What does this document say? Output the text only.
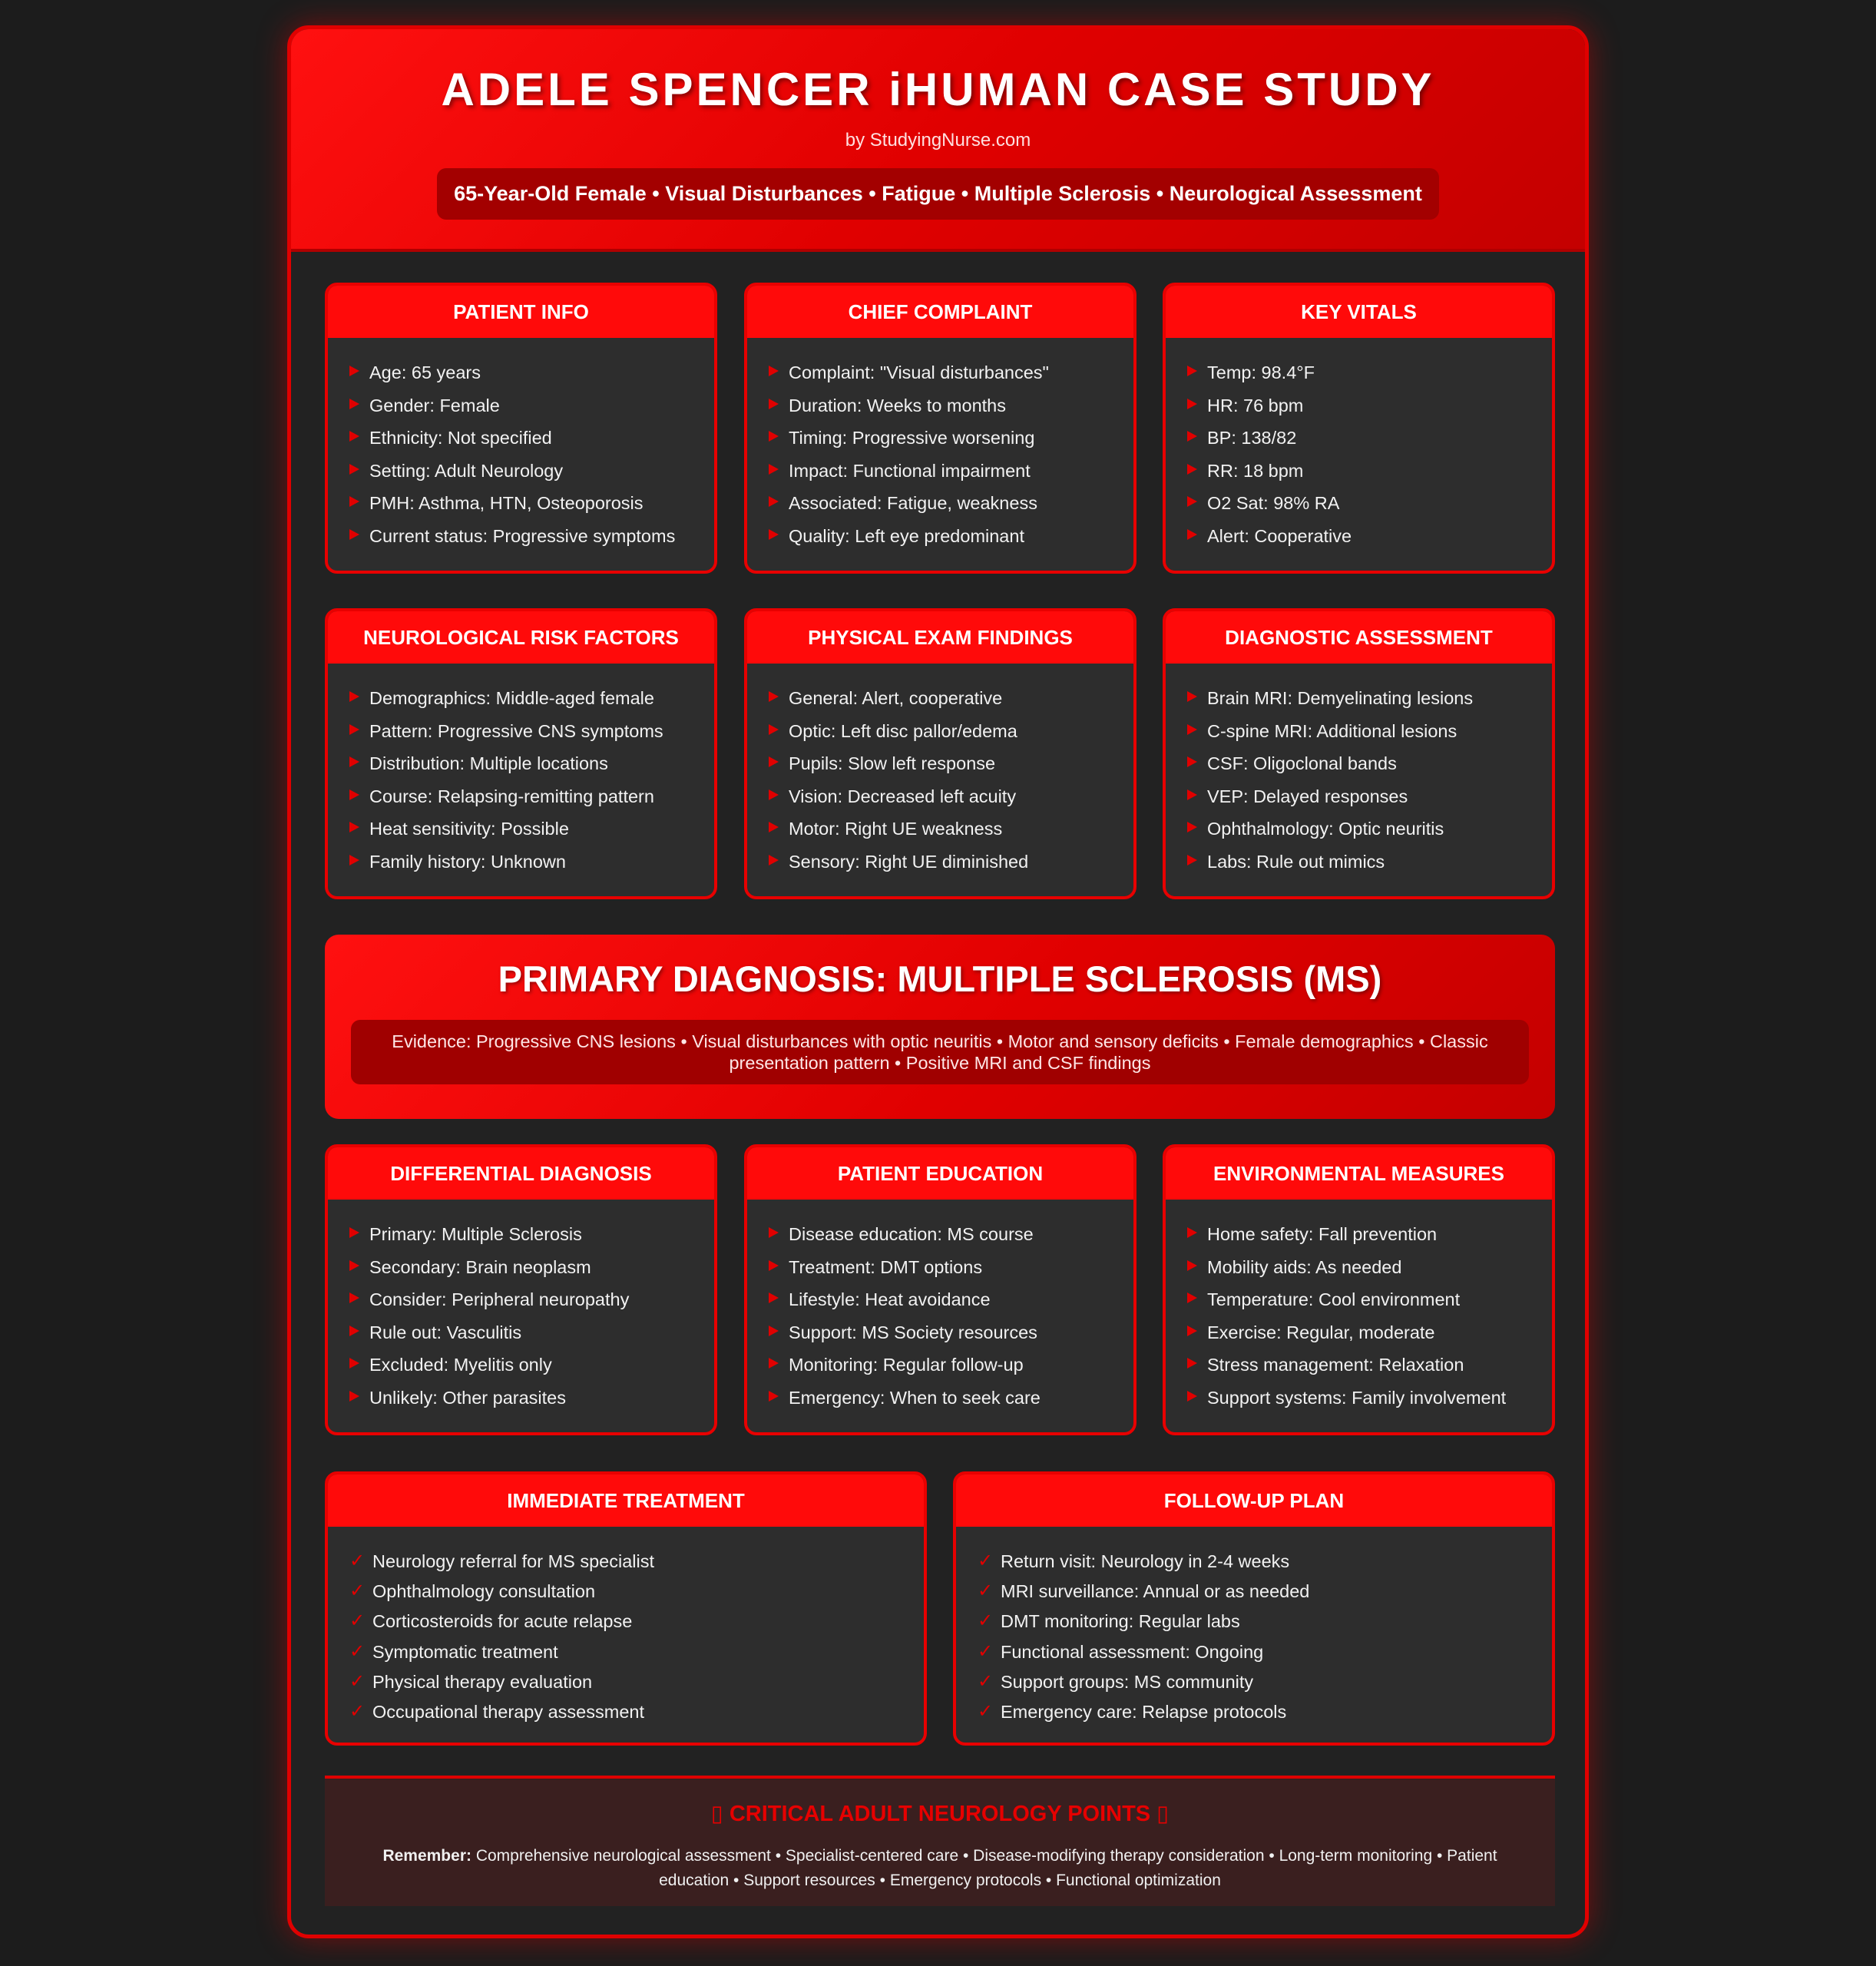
ADELE SPENCER iHUMAN CASE STUDY
by StudyingNurse.com
65-Year-Old Female • Visual Disturbances • Fatigue • Multiple Sclerosis • Neurological Assessment
PATIENT INFO
Age: 65 years
Gender: Female
Ethnicity: Not specified
Setting: Adult Neurology
PMH: Asthma, HTN, Osteoporosis
Current status: Progressive symptoms
CHIEF COMPLAINT
Complaint: "Visual disturbances"
Duration: Weeks to months
Timing: Progressive worsening
Impact: Functional impairment
Associated: Fatigue, weakness
Quality: Left eye predominant
KEY VITALS
Temp: 98.4°F
HR: 76 bpm
BP: 138/82
RR: 18 bpm
O2 Sat: 98% RA
Alert: Cooperative
NEUROLOGICAL RISK FACTORS
Demographics: Middle-aged female
Pattern: Progressive CNS symptoms
Distribution: Multiple locations
Course: Relapsing-remitting pattern
Heat sensitivity: Possible
Family history: Unknown
PHYSICAL EXAM FINDINGS
General: Alert, cooperative
Optic: Left disc pallor/edema
Pupils: Slow left response
Vision: Decreased left acuity
Motor: Right UE weakness
Sensory: Right UE diminished
DIAGNOSTIC ASSESSMENT
Brain MRI: Demyelinating lesions
C-spine MRI: Additional lesions
CSF: Oligoclonal bands
VEP: Delayed responses
Ophthalmology: Optic neuritis
Labs: Rule out mimics
PRIMARY DIAGNOSIS: MULTIPLE SCLEROSIS (MS)
Evidence: Progressive CNS lesions • Visual disturbances with optic neuritis • Motor and sensory deficits • Female demographics • Classic presentation pattern • Positive MRI and CSF findings
DIFFERENTIAL DIAGNOSIS
Primary: Multiple Sclerosis
Secondary: Brain neoplasm
Consider: Peripheral neuropathy
Rule out: Vasculitis
Excluded: Myelitis only
Unlikely: Other parasites
PATIENT EDUCATION
Disease education: MS course
Treatment: DMT options
Lifestyle: Heat avoidance
Support: MS Society resources
Monitoring: Regular follow-up
Emergency: When to seek care
ENVIRONMENTAL MEASURES
Home safety: Fall prevention
Mobility aids: As needed
Temperature: Cool environment
Exercise: Regular, moderate
Stress management: Relaxation
Support systems: Family involvement
IMMEDIATE TREATMENT
✓ Neurology referral for MS specialist
✓ Ophthalmology consultation
✓ Corticosteroids for acute relapse
✓ Symptomatic treatment
✓ Physical therapy evaluation
✓ Occupational therapy assessment
FOLLOW-UP PLAN
✓ Return visit: Neurology in 2-4 weeks
✓ MRI surveillance: Annual or as needed
✓ DMT monitoring: Regular labs
✓ Functional assessment: Ongoing
✓ Support groups: MS community
✓ Emergency care: Relapse protocols
▯ CRITICAL ADULT NEUROLOGY POINTS ▯
Remember: Comprehensive neurological assessment • Specialist-centered care • Disease-modifying therapy consideration • Long-term monitoring • Patient education • Support resources • Emergency protocols • Functional optimization
